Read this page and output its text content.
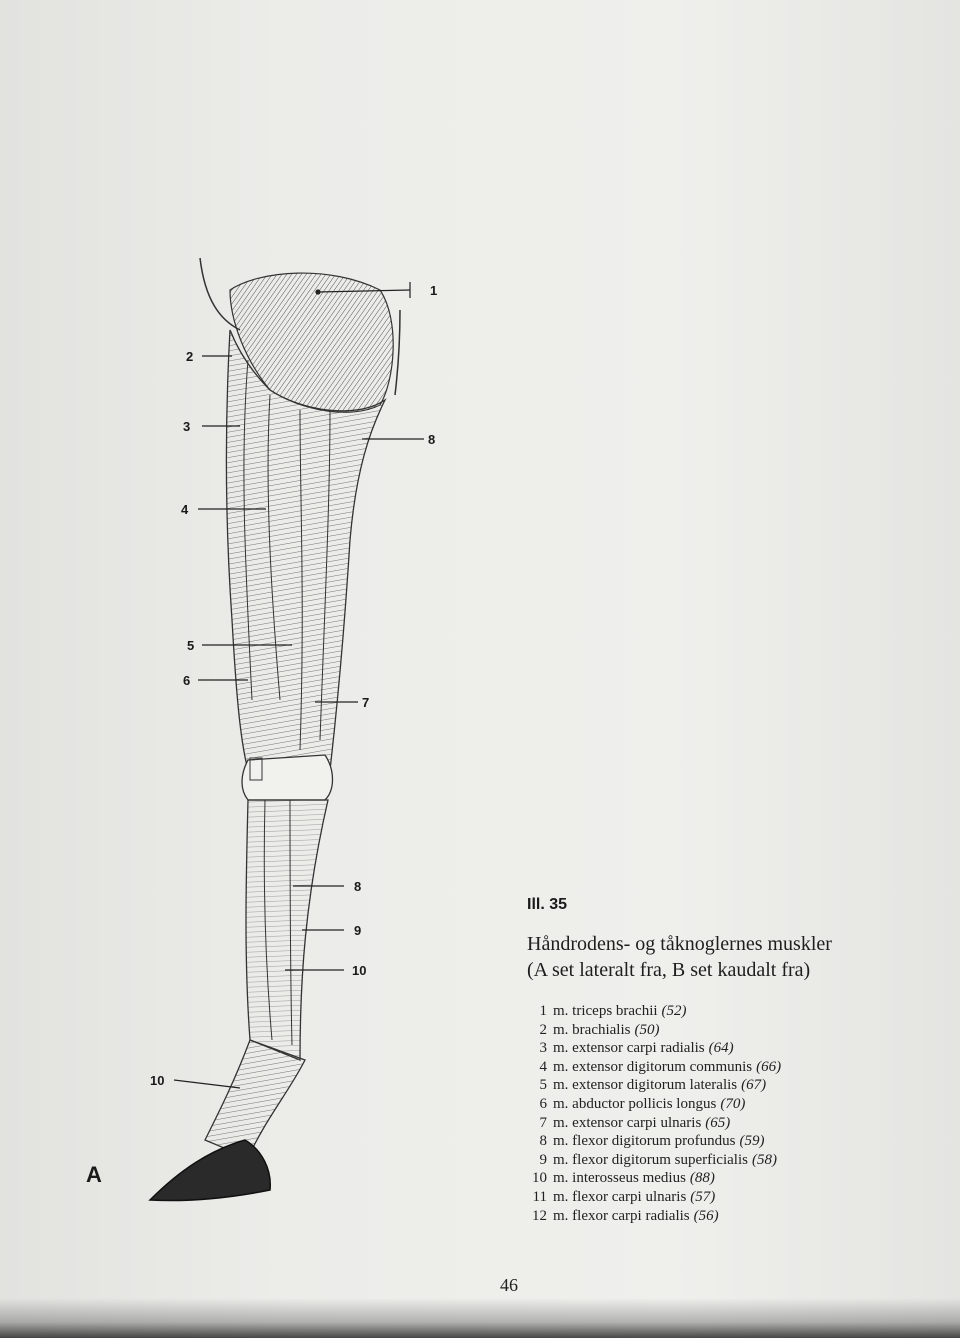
1
2
3
4
5
6
7
8
8
9
10
10
A
Ill. 35
Håndrodens- og tåknoglernes muskler
(A set lateralt fra, B set kaudalt fra)
1 m. triceps brachii (52)
2 m. brachialis (50)
3 m. extensor carpi radialis (64)
4 m. extensor digitorum communis (66)
5 m. extensor digitorum lateralis (67)
6 m. abductor pollicis longus (70)
7 m. extensor carpi ulnaris (65)
8 m. flexor digitorum profundus (59)
9 m. flexor digitorum superficialis (58)
10 m. interosseus medius (88)
11 m. flexor carpi ulnaris (57)
12 m. flexor carpi radialis (56)
46
